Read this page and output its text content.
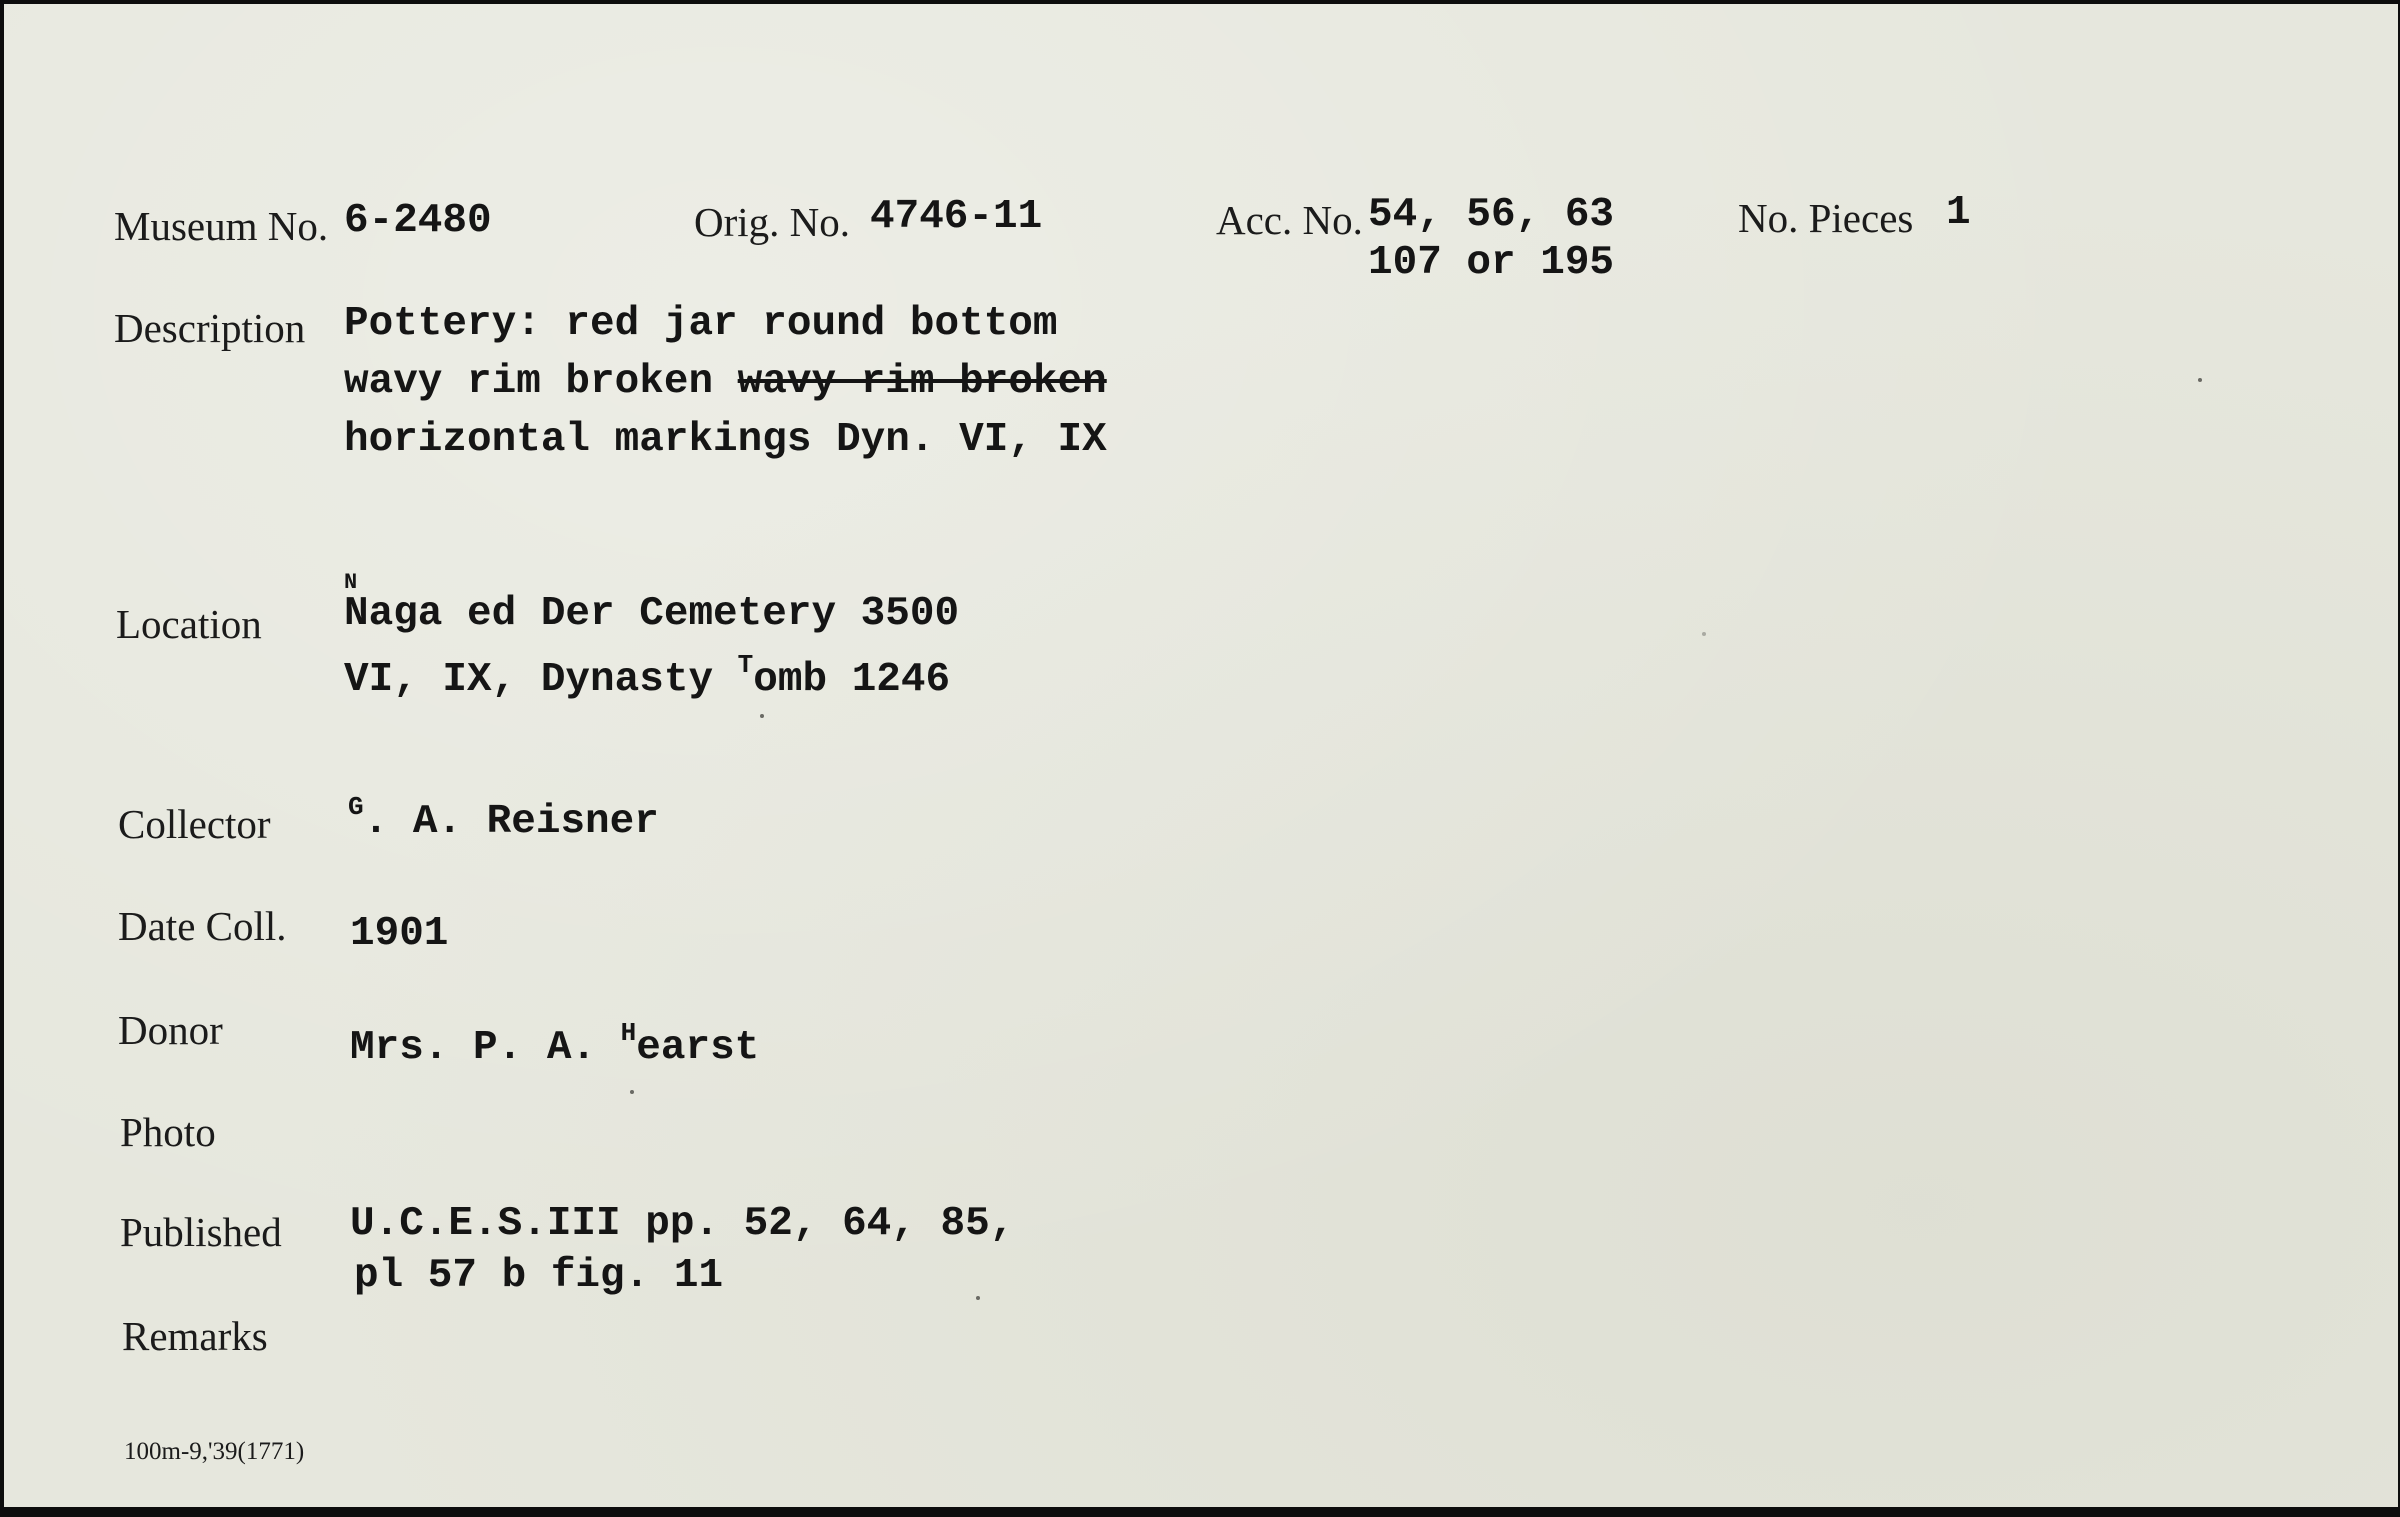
Museum No. 6-2480	Orig. No. 4746-11	Acc. No. 54, 56, 63
107 or 195
No. Pieces 1
Description Pottery: red jar round bottom
wavy rim broken wavy rim broken
horizontal markings Dyn. VI, IX
Location
N
Naga ed Der Cemetery 3500
VI, IX, Dynasty $^T$omb 1246
Collector	$^G$. A. Reisner
Date Coll. 1901
Donor	Mrs. P. A. $^H$earst
Photo
Published U.C.E.S.III pp. 52, 64, 85,
pl 57 b fig. 11
Remarks
100m-9,'39(1771)
